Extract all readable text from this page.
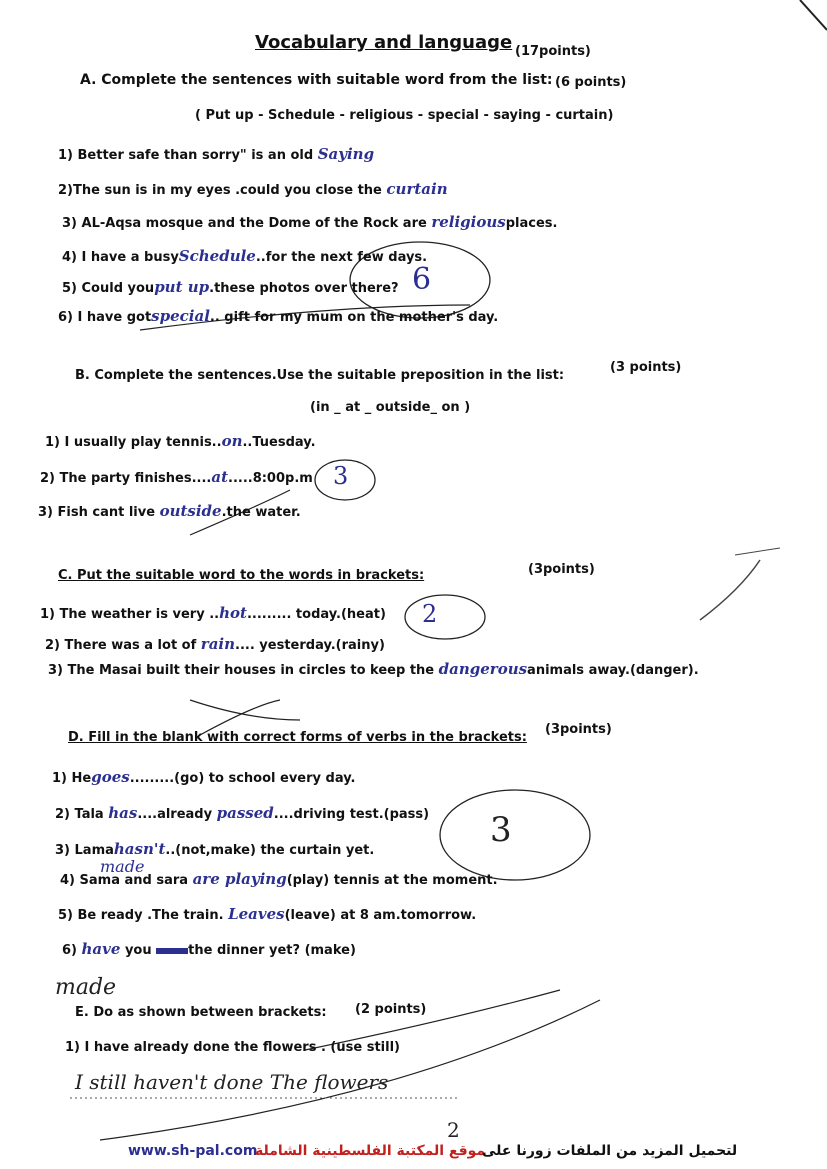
Vocabulary and language (17points)
A. Complete the sentences with suitable word from the list: (6 points)
( Put up - Schedule - religious - special - saying - curtain)
1) Better safe than sorry" is an old Saying
2)The sun is in my eyes .could you close the curtain
3) AL-Aqsa mosque and the Dome of the Rock are religiousplaces.
4) I have a busySchedule..for the next few days.
5) Could youput up.these photos over there?
6) I have gotspecial.. gift for my mum on the mother's day.
6
B. Complete the sentences.Use the suitable preposition in the list:
(3 points)
(in _ at _ outside_ on )
1) I usually play tennis..on..Tuesday.
2) The party finishes....at.....8:00p.m
3) Fish cant live outside.the water.
3
C. Put the suitable word to the words in brackets:	(3points)
1) The weather is very ..hot......... today.(heat)
2) There was a lot of rain.... yesterday.(rainy)
3) The Masai built their houses in circles to keep the dangerousanimals away.(danger).
2
D. Fill in the blank with correct forms of verbs in the brackets:
(3points)
1) Hegoes.........(go) to school every day.
2) Tala has....already passed....driving test.(pass)
3) Lamahasn't..(not,make) the curtain yet.
made
4) Sama and sara are playing(play) tennis at the moment.
5) Be ready .The train. Leaves(leave) at 8 am.tomorrow.
6) have you	the dinner yet? (make)
made
3
E. Do as shown between brackets: (2 points)
1) I have already done the flowers . (use still)
I still haven't done The flowers
2
www.sh-pal.com
موقع المكتبة الفلسطينية الشاملة
لتحميل المزيد من الملفات زورنا على
